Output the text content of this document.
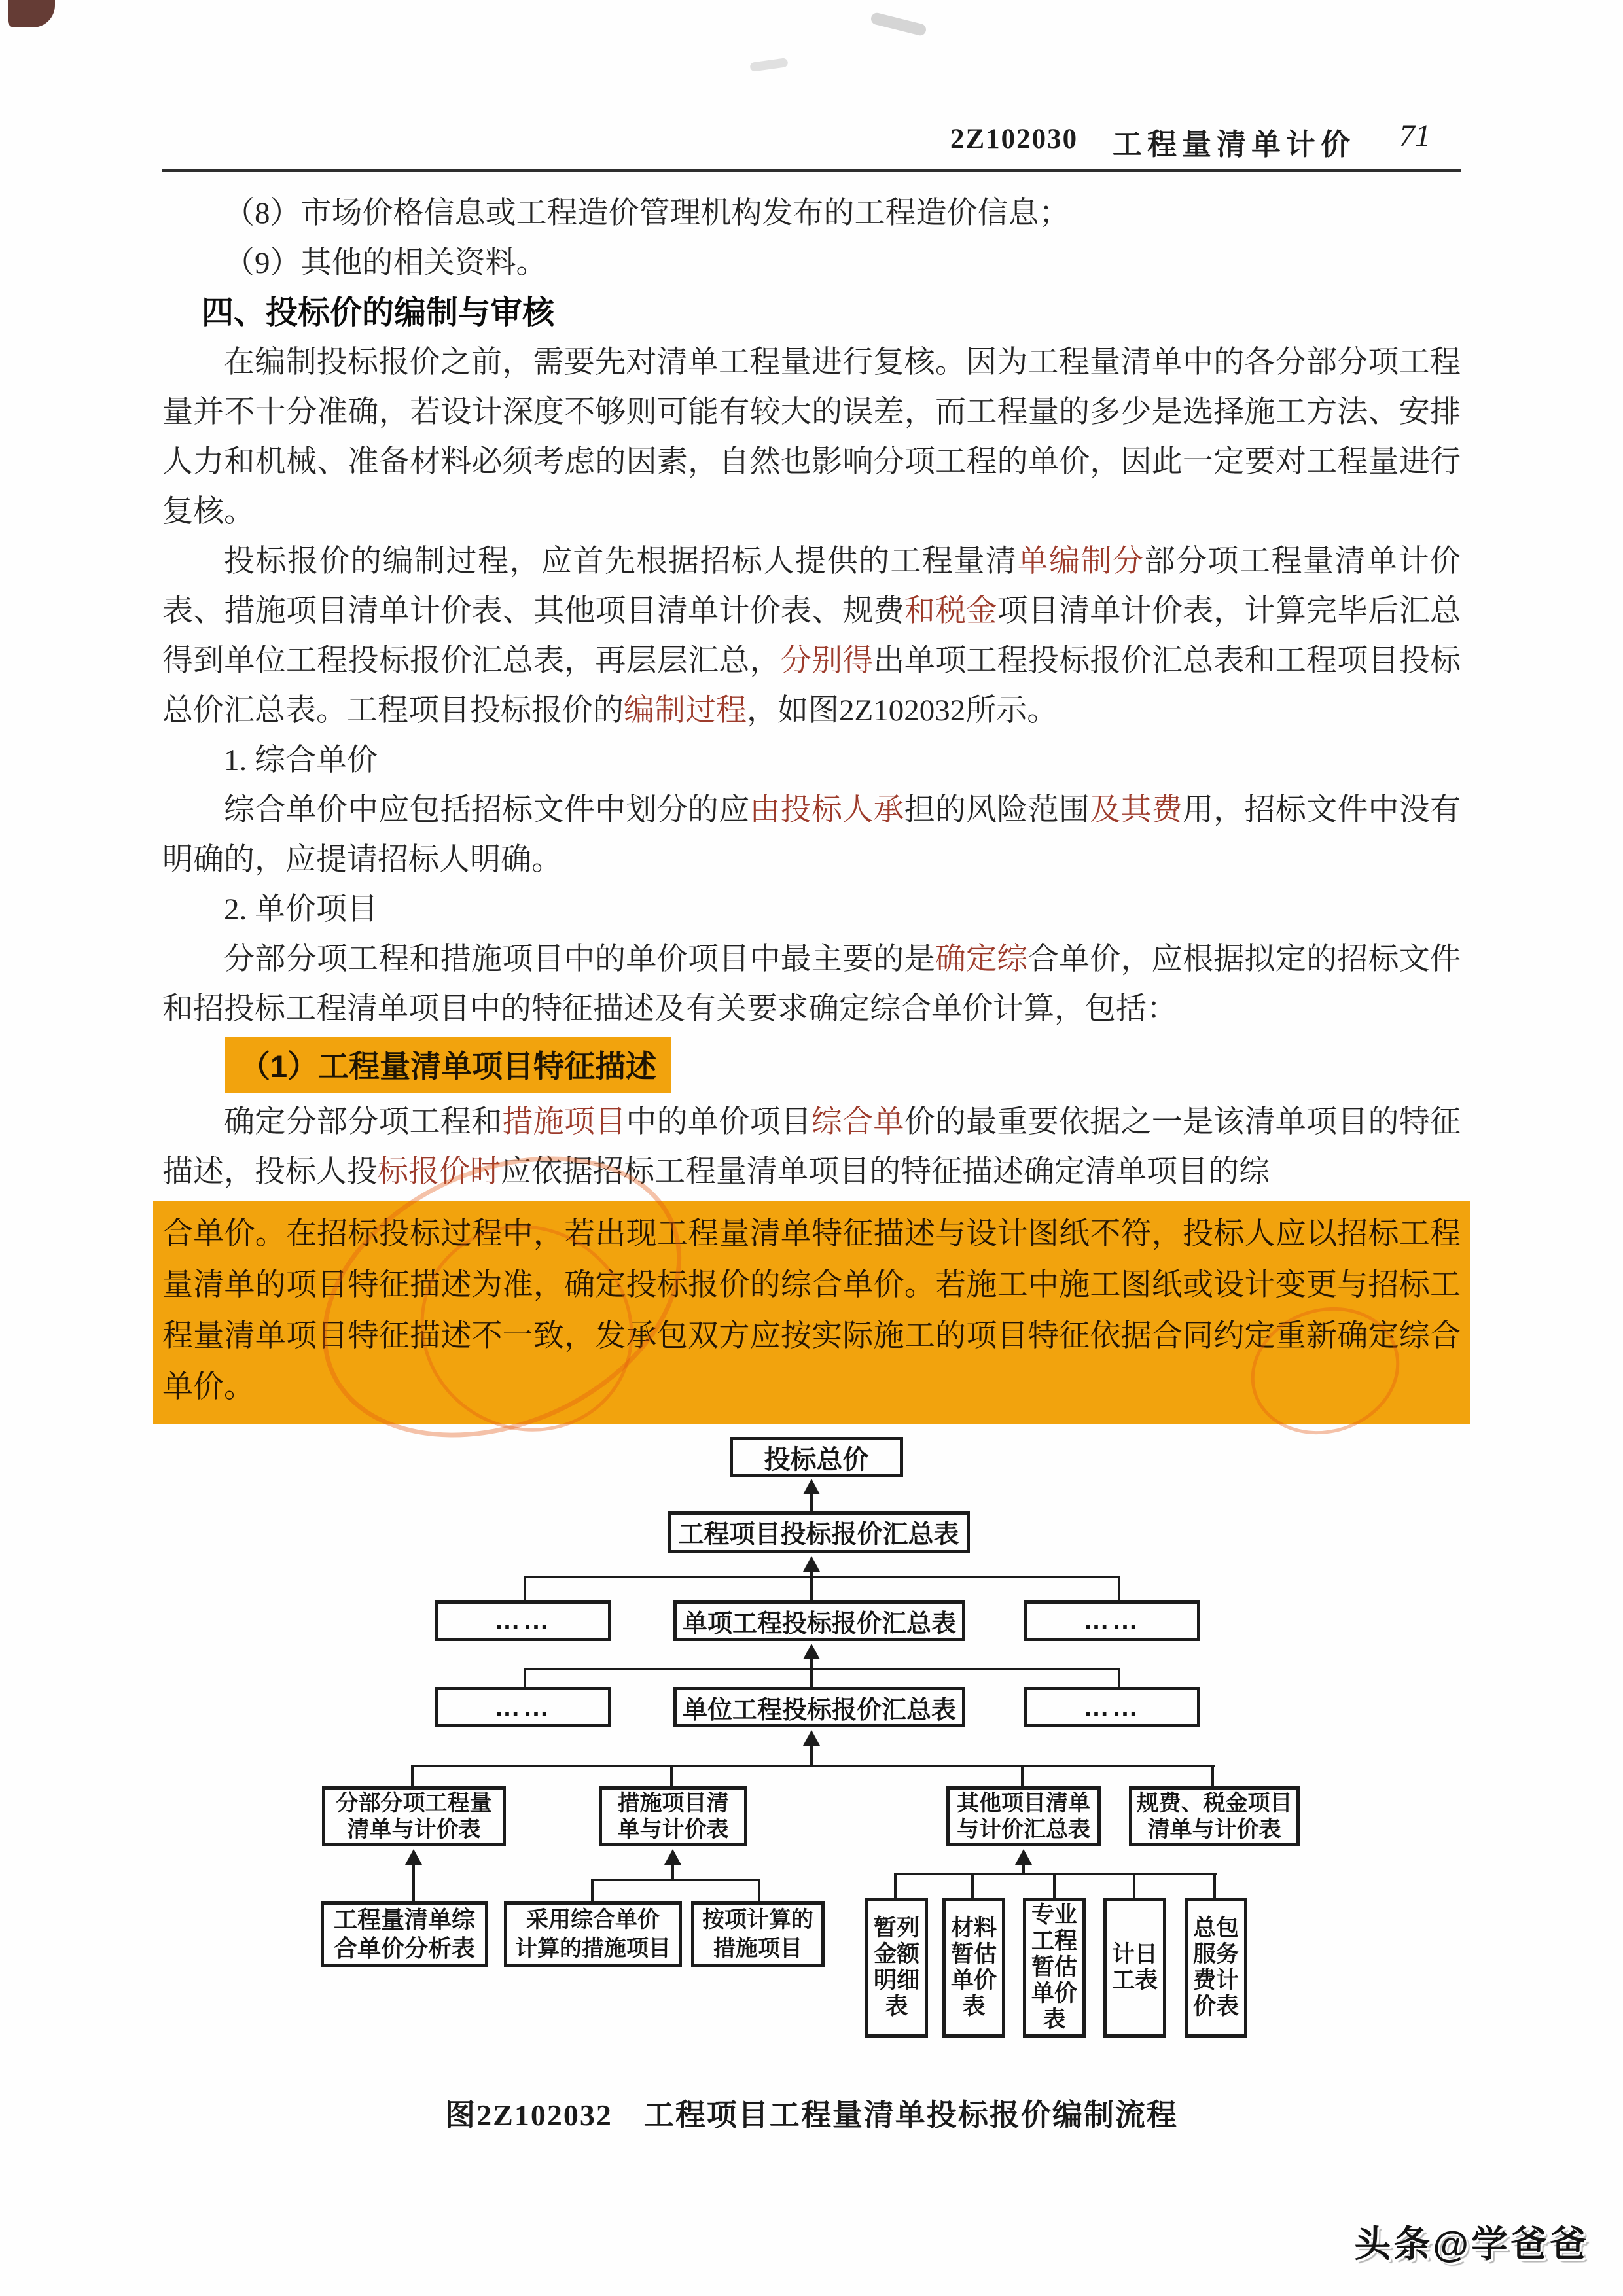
2Z102030 工程量清单计价 71

（8）市场价格信息或工程造价管理机构发布的工程造价信息；

（9）其他的相关资料。

四、投标价的编制与审核

在编制投标报价之前，需要先对清单工程量进行复核。因为工程量清单中的各分部分项工程量并不十分准确，若设计深度不够则可能有较大的误差，而工程量的多少是选择施工方法、安排人力和机械、准备材料必须考虑的因素，自然也影响分项工程的单价，因此一定要对工程量进行复核。

投标报价的编制过程，应首先根据招标人提供的工程量清单编制分部分项工程量清单计价表、措施项目清单计价表、其他项目清单计价表、规费和税金项目清单计价表，计算完毕后汇总得到单位工程投标报价汇总表，再层层汇总，分别得出单项工程投标报价汇总表和工程项目投标总价汇总表。工程项目投标报价的编制过程，如图2Z102032所示。

1. 综合单价

综合单价中应包括招标文件中划分的应由投标人承担的风险范围及其费用，招标文件中没有明确的，应提请招标人明确。

2. 单价项目

分部分项工程和措施项目中的单价项目中最主要的是确定综合单价，应根据拟定的招标文件和招投标工程清单项目中的特征描述及有关要求确定综合单价计算，包括：

（1）工程量清单项目特征描述

确定分部分项工程和措施项目中的单价项目综合单价的最重要依据之一是该清单项目的特征描述，投标人投标报价时应依据招标工程量清单项目的特征描述确定清单项目的综

合单价。在招标投标过程中，若出现工程量清单特征描述与设计图纸不符，投标人应以招标工程量清单的项目特征描述为准，确定投标报价的综合单价。若施工中施工图纸或设计变更与招标工程量清单项目特征描述不一致，发承包双方应按实际施工的项目特征依据合同约定重新确定综合单价。
投标总价
工程项目投标报价汇总表
……	单项工程投标报价汇总表	……
……	单位工程投标报价汇总表	……
分部分项工程量
清单与计价表
措施项目清
单与计价表
其他项目清单
与计价汇总表
规费、税金项目
清单与计价表
工程量清单综
合单价分析表
采用综合单价
计算的措施项目
按项计算的
措施项目
暂列金额明细表
材料暂估单价表
专业工程暂估单价表
计日工表
总包服务费计价表
图2Z102032　工程项目工程量清单投标报价编制流程
头条@学爸爸
